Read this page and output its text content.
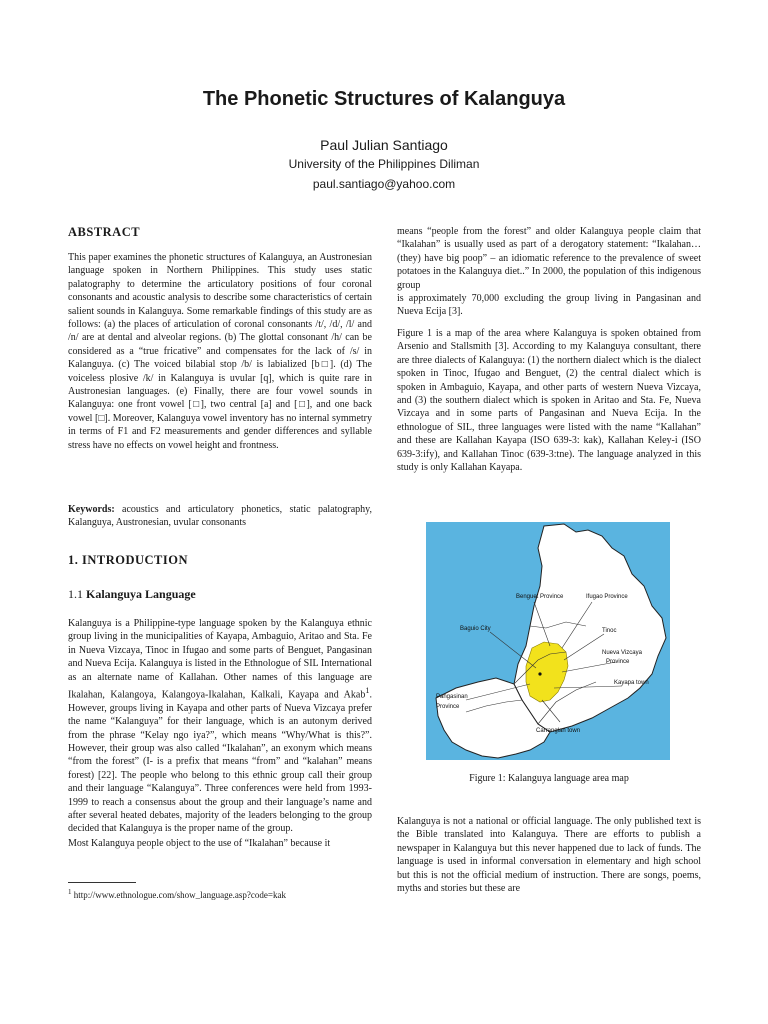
The Phonetic Structures of Kalanguya
Paul Julian Santiago
University of the Philippines Diliman
paul.santiago@yahoo.com
ABSTRACT

This paper examines the phonetic structures of Kalanguya, an Austronesian language spoken in Northern Philippines. This study uses static palatography to determine the articulatory positions of four coronal consonants and acoustic analysis to describe some characteristics of certain salient sounds in Kalanguya. Some remarkable findings of this study are as follows: (a) the places of articulation of coronal consonants /t/, /d/, /l/ and /n/ are at dental and alveolar regions. (b) The glottal consonant /h/ can be considered as a “true fricative” and compensates for the lack of /s/ in Kalanguya. (c) The voiced bilabial stop /b/ is labialized [b□]. (d) The voiceless plosive /k/ in Kalanguya is uvular [q], which is quite rare in Austronesian languages. (e) Finally, there are four vowel sounds in Kalanguya: one front vowel [□], two central [a] and [□], and one back vowel [□]. Moreover, Kalanguya vowel inventory has no internal symmetry in terms of F1 and F2 measurements and gender differences and syllable stress have no effects on vowel height and frontness.

Keywords: acoustics and articulatory phonetics, static palatography, Kalanguya, Austronesian, uvular consonants

1. INTRODUCTION
1.1 Kalanguya Language

Kalanguya is a Philippine-type language spoken by the Kalanguya ethnic group living in the municipalities of Kayapa, Ambaguio, Aritao and Sta. Fe in Nueva Vizcaya, Tinoc in Ifugao and some parts of Benguet, Pangasinan and Nueva Ecija. Kalanguya is listed in the Ethnologue of SIL International as an alternate name of Kallahan. Other names of this language are Ikalahan, Kalangoya, Kalangoya-Ikalahan, Kalkali, Kayapa and Akab$^1$. However, groups living in Kayapa and other parts of Nueva Vizcaya prefer the name “Kalanguya” for their language, which is an autonym derived from the phrase “Kelay ngo iya?”, which means “Why/What is this?”. However, their group was also called “Ikalahan”, an exonym which means “from the forest” (I- is a prefix that means “from” and “kalahan” means forest) [22]. The people who belong to this ethnic group call their group and their language “Kalanguya”. Three conferences were held from 1993-1999 to reach a consensus about the group and their language’s name and after several heated debates, majority of the leaders belonging to the group decided that Kalanguya is the proper name of the group.

Most Kalanguya people object to the use of “Ikalahan” because it

$^1$ http://www.ethnologue.com/show_language.asp?code=kak

means “people from the forest” and older Kalanguya people claim that “Ikalahan” is usually used as part of a derogatory statement: “Ikalahan…(they) have big poop” – an idiomatic reference to the prevalence of sweet potatoes in the Kalanguya diet..” In 2000, the population of this indigenous group

is approximately 70,000 excluding the group living in Pangasinan and Nueva Ecija [3].

Figure 1 is a map of the area where Kalanguya is spoken obtained from Arsenio and Stallsmith [3]. According to my Kalanguya consultant, there are three dialects of Kalanguya: (1) the northern dialect which is the dialect spoken in Tinoc, Ifugao and Benguet, (2) the central dialect which is spoken in Ambaguio, Kayapa, and other parts of western Nueva Vizcaya, and (3) the southern dialect which is spoken in Aritao and Sta. Fe, Nueva Vizcaya and in some parts of Pangasinan and Nueva Ecija. In the ethnologue of SIL, three languages were listed with the name “Kallahan” and these are Kallahan Kayapa (ISO 639-3: kak), Kallahan Keley-i (ISO 639-3:ify), and Kallahan Tinoc (639-3:tne). The language analyzed in this study is only Kallahan Kayapa.

Benguet Province	Ifugao Province
Baguio City	Tinoc
Nueva Vizcaya
Province
Kayapa town
Pangasinan
Province
Carranglan town
Figure 1: Kalanguya language area map

Kalanguya is not a national or official language. The only published text is the Bible translated into Kalanguya. There are efforts to publish a newspaper in Kalanguya but this never happened due to lack of funds. The language is used in informal conversation in elementary and high school but this is not the official medium of instruction. There are songs, poems, myths and stories but these are
